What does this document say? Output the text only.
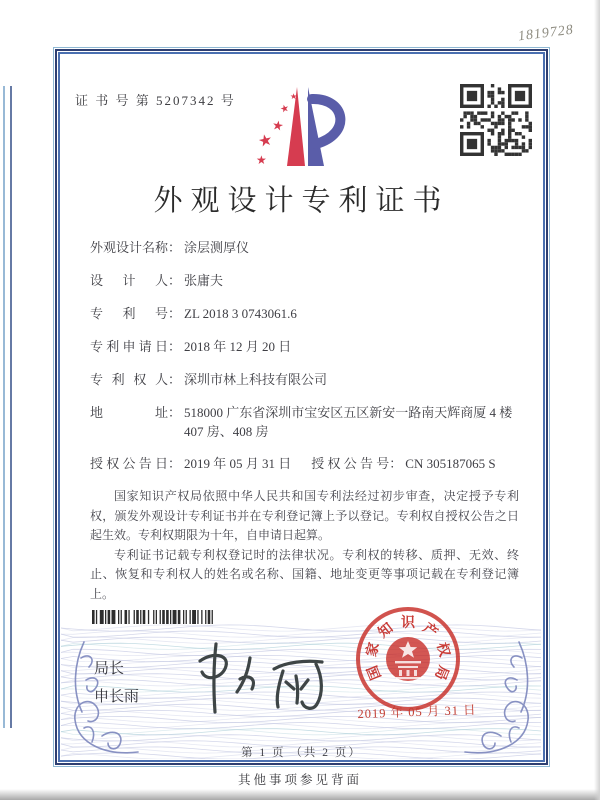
1819728
证 书 号 第 5207342 号
★
★
★
★
★
外观设计专利证书
外观设计名称： 涂层测厚仪
设 计 人： 张庸夫
专 利 号： ZL 2018 3 0743061.6
专利申请日： 2018 年 12 月 20 日
专 利 权 人： 深圳市林上科技有限公司
地 址： 518000 广东省深圳市宝安区五区新安一路南天辉商厦 4 楼
407 房、408 房
授权公告日： 2019 年 05 月 31 日 授权公告号： CN 305187065 S

国家知识产权局依照中华人民共和国专利法经过初步审查，决定授予专利权，颁发外观设计专利证书并在专利登记簿上予以登记。专利权自授权公告之日起生效。专利权期限为十年，自申请日起算。

专利证书记载专利权登记时的法律状况。专利权的转移、质押、无效、终止、恢复和专利权人的姓名或名称、国籍、地址变更等事项记载在专利登记簿上。

局长
申长雨
国
家
知 识 产
权
局
2019 年 05 月 31 日
第 1 页 （共 2 页）
其他事项参见背面
